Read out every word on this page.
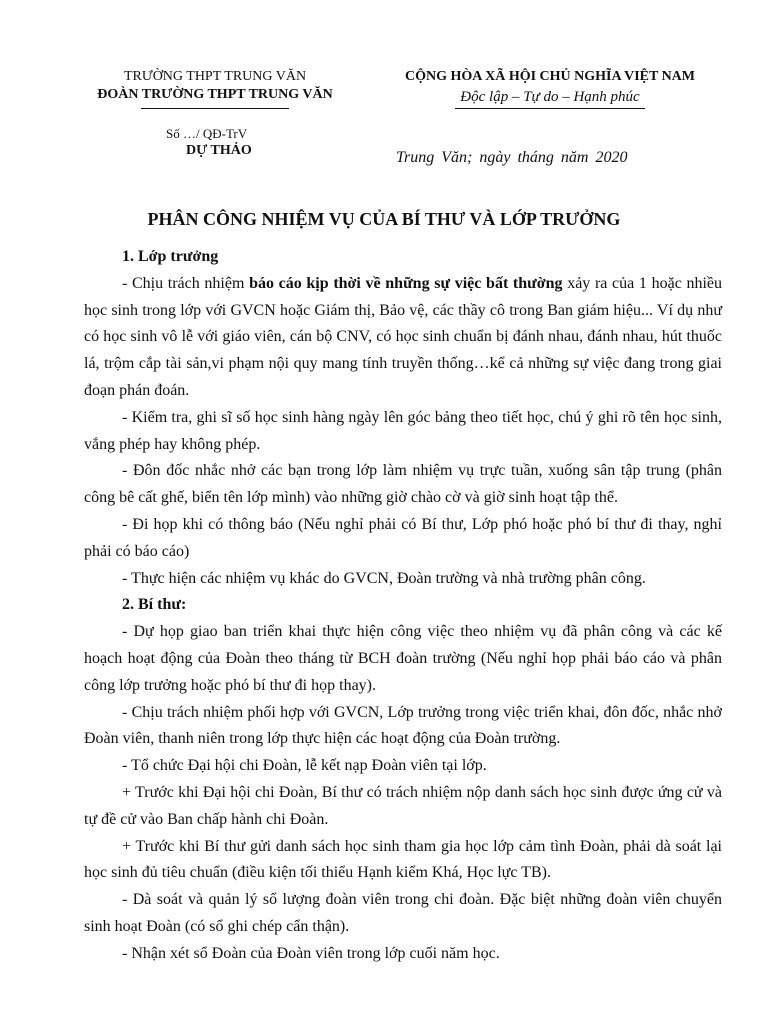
TRƯỜNG THPT TRUNG VĂN
ĐOÀN TRƯỜNG THPT TRUNG VĂN
CỘNG HÒA XÃ HỘI CHỦ NGHĨA VIỆT NAM
Độc lập – Tự do – Hạnh phúc
Số …/ QĐ-TrV
DỰ THẢO	Trung Văn; ngày tháng năm 2020
PHÂN CÔNG NHIỆM VỤ CỦA BÍ THƯ VÀ LỚP TRƯỞNG

1. Lớp trưởng

- Chịu trách nhiệm báo cáo kịp thời về những sự việc bất thường xảy ra của 1 hoặc nhiều học sinh trong lớp với GVCN hoặc Giám thị, Bảo vệ, các thầy cô trong Ban giám hiệu... Ví dụ như có học sinh vô lễ với giáo viên, cán bộ CNV, có học sinh chuẩn bị đánh nhau, đánh nhau, hút thuốc lá, trộm cắp tài sản,vi phạm nội quy mang tính truyền thống…kể cả những sự việc đang trong giai đoạn phán đoán.

- Kiểm tra, ghi sĩ số học sinh hàng ngày lên góc bảng theo tiết học, chú ý ghi rõ tên học sinh, vắng phép hay không phép.

- Đôn đốc nhắc nhở các bạn trong lớp làm nhiệm vụ trực tuần, xuống sân tập trung (phân công bê cất ghế, biển tên lớp mình) vào những giờ chào cờ và giờ sinh hoạt tập thể.

- Đi họp khi có thông báo (Nếu nghỉ phải có Bí thư, Lớp phó hoặc phó bí thư đi thay, nghỉ phải có báo cáo)

- Thực hiện các nhiệm vụ khác do GVCN, Đoàn trường và nhà trường phân công.

2. Bí thư:

- Dự họp giao ban triển khai thực hiện công việc theo nhiệm vụ đã phân công và các kế hoạch hoạt động của Đoàn theo tháng từ BCH đoàn trường (Nếu nghỉ họp phải báo cáo và phân công lớp trưởng hoặc phó bí thư đi họp thay).

- Chịu trách nhiệm phối hợp với GVCN, Lớp trưởng trong việc triển khai, đôn đốc, nhắc nhở Đoàn viên, thanh niên trong lớp thực hiện các hoạt động của Đoàn trường.

- Tổ chức Đại hội chi Đoàn, lễ kết nạp Đoàn viên tại lớp.

+ Trước khi Đại hội chi Đoàn, Bí thư có trách nhiệm nộp danh sách học sinh được ứng cử và tự đề cử vào Ban chấp hành chi Đoàn.

+ Trước khi Bí thư gửi danh sách học sinh tham gia học lớp cảm tình Đoàn, phải dà soát lại học sinh đủ tiêu chuẩn (điều kiện tối thiểu Hạnh kiểm Khá, Học lực TB).

- Dà soát và quản lý sổ lượng đoàn viên trong chi đoàn. Đặc biệt những đoàn viên chuyển sinh hoạt Đoàn (có sổ ghi chép cẩn thận).

- Nhận xét sổ Đoàn của Đoàn viên trong lớp cuối năm học.
